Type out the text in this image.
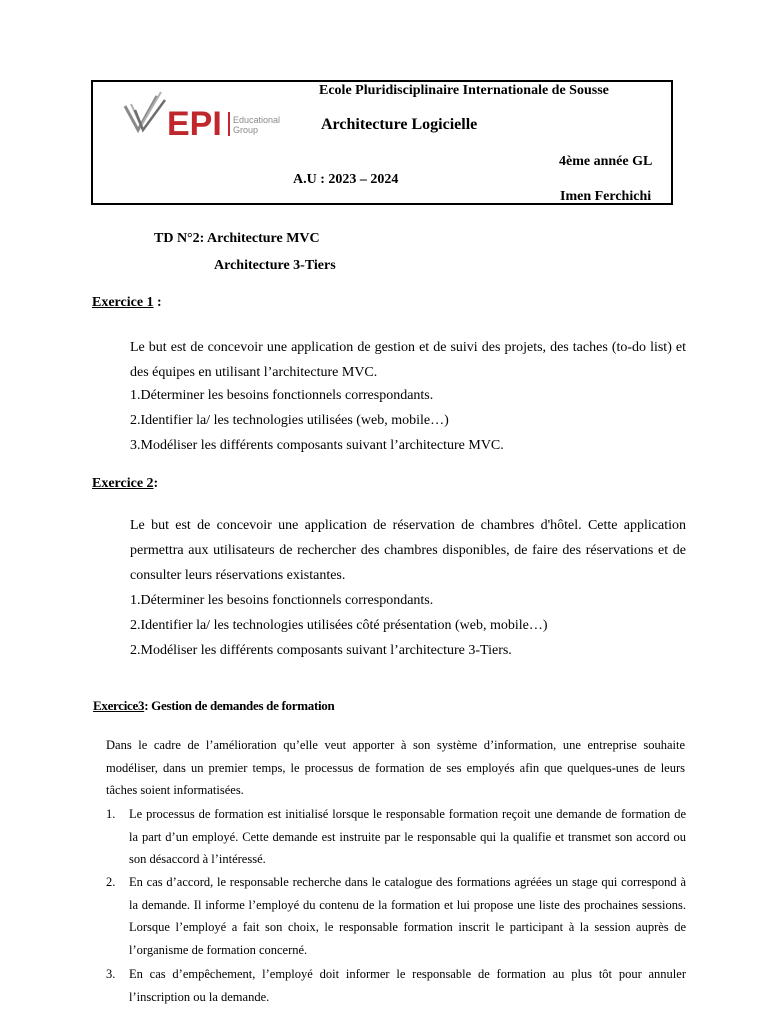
EPI Educational
Group
Ecole Pluridisciplinaire Internationale de Sousse
Architecture Logicielle
4ème année GL
A.U : 2023 – 2024
Imen Ferchichi
TD N°2: Architecture MVC
Architecture 3-Tiers
Exercice 1 :
Le but est de concevoir une application de gestion et de suivi des projets, des taches (to-do list) et des équipes en utilisant l’architecture MVC.
1.Déterminer les besoins fonctionnels correspondants.
2.Identifier la/ les technologies utilisées (web, mobile…)
3.Modéliser les différents composants suivant l’architecture MVC.
Exercice 2:
Le but est de concevoir une application de réservation de chambres d'hôtel. Cette application permettra aux utilisateurs de rechercher des chambres disponibles, de faire des réservations et de consulter leurs réservations existantes.
1.Déterminer les besoins fonctionnels correspondants.
2.Identifier la/ les technologies utilisées côté présentation (web, mobile…)
2.Modéliser les différents composants suivant l’architecture 3-Tiers.
Exercice3: Gestion de demandes de formation
Dans le cadre de l’amélioration qu’elle veut apporter à son système d’information, une entreprise souhaite modéliser, dans un premier temps, le processus de formation de ses employés afin que quelques-unes de leurs tâches soient informatisées.
1. Le processus de formation est initialisé lorsque le responsable formation reçoit une demande de formation de la part d’un employé. Cette demande est instruite par le responsable qui la qualifie et transmet son accord ou son désaccord à l’intéressé.
2. En cas d’accord, le responsable recherche dans le catalogue des formations agréées un stage qui correspond à la demande. Il informe l’employé du contenu de la formation et lui propose une liste des prochaines sessions. Lorsque l’employé a fait son choix, le responsable formation inscrit le participant à la session auprès de l’organisme de formation concerné.
3. En cas d’empêchement, l’employé doit informer le responsable de formation au plus tôt pour annuler l’inscription ou la demande.
